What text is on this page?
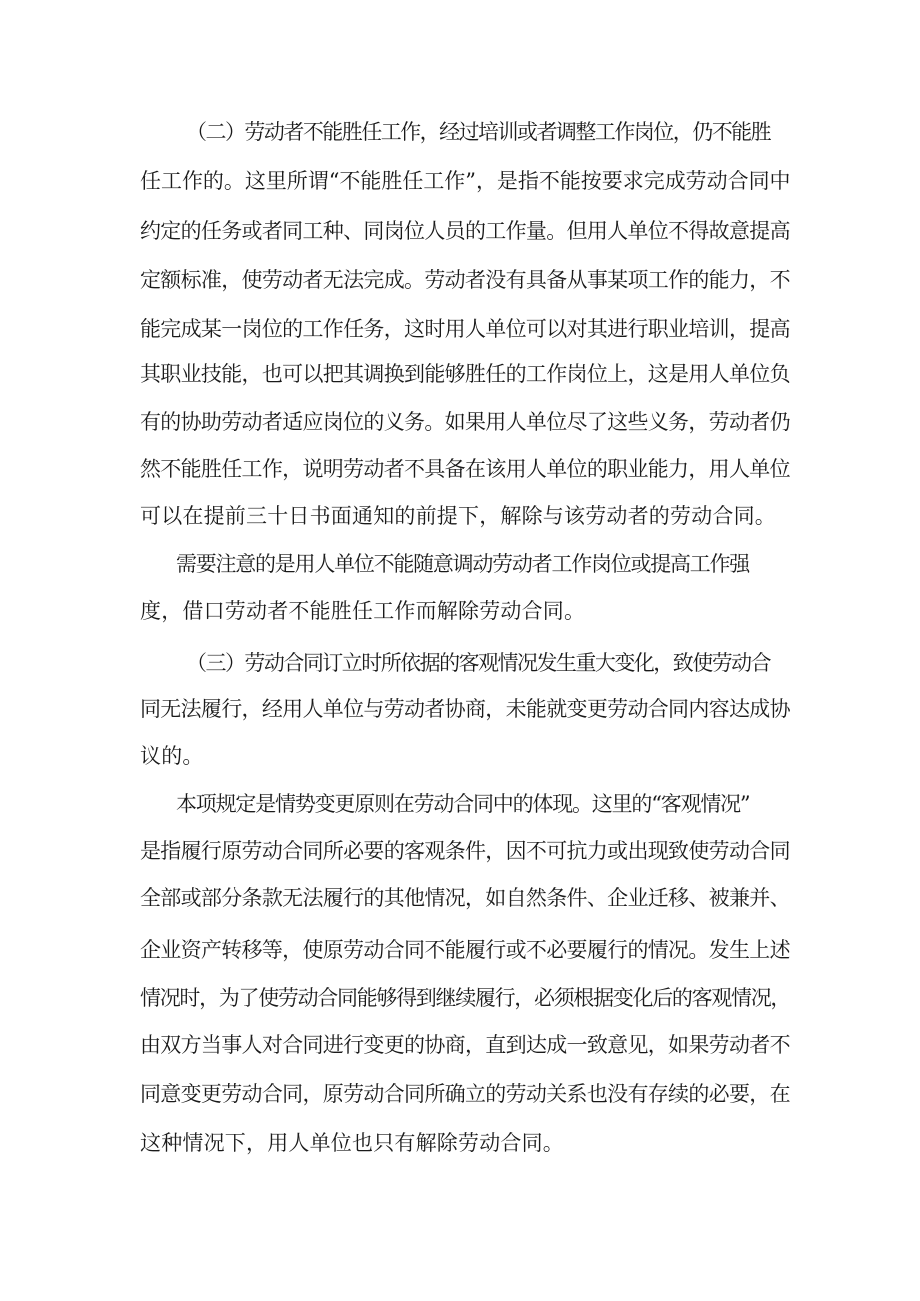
（二）劳动者不能胜任工作，经过培训或者调整工作岗位，仍不能胜
任工作的。这里所谓“不能胜任工作”，是指不能按要求完成劳动合同中
约定的任务或者同工种、同岗位人员的工作量。但用人单位不得故意提高
定额标准，使劳动者无法完成。劳动者没有具备从事某项工作的能力，不
能完成某一岗位的工作任务，这时用人单位可以对其进行职业培训，提高
其职业技能，也可以把其调换到能够胜任的工作岗位上，这是用人单位负
有的协助劳动者适应岗位的义务。如果用人单位尽了这些义务，劳动者仍
然不能胜任工作，说明劳动者不具备在该用人单位的职业能力，用人单位
可以在提前三十日书面通知的前提下，解除与该劳动者的劳动合同。
需要注意的是用人单位不能随意调动劳动者工作岗位或提高工作强
度，借口劳动者不能胜任工作而解除劳动合同。
（三）劳动合同订立时所依据的客观情况发生重大变化，致使劳动合
同无法履行，经用人单位与劳动者协商，未能就变更劳动合同内容达成协
议的。
本项规定是情势变更原则在劳动合同中的体现。这里的“客观情况”
是指履行原劳动合同所必要的客观条件，因不可抗力或出现致使劳动合同
全部或部分条款无法履行的其他情况，如自然条件、企业迁移、被兼并、
企业资产转移等，使原劳动合同不能履行或不必要履行的情况。发生上述
情况时，为了使劳动合同能够得到继续履行，必须根据变化后的客观情况，
由双方当事人对合同进行变更的协商，直到达成一致意见，如果劳动者不
同意变更劳动合同，原劳动合同所确立的劳动关系也没有存续的必要，在
这种情况下，用人单位也只有解除劳动合同。
